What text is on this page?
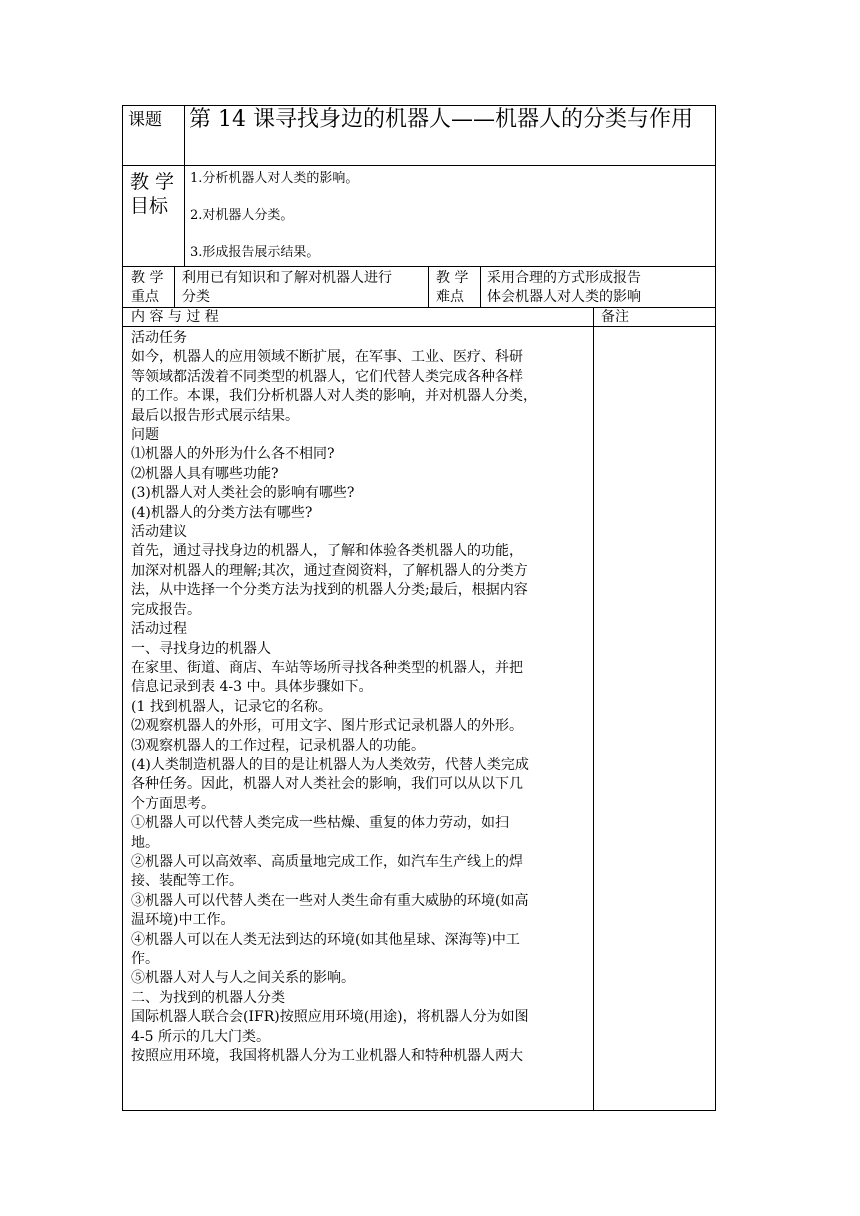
课题	第 14 课寻找身边的机器人——机器人的分类与作用
教 学
目标
1.分析机器人对人类的影响。
2.对机器人分类。
3.形成报告展示结果。
教 学
重点
利用已有知识和了解对机器人进行
分类
教 学
难点
采用合理的方式形成报告
体会机器人对人类的影响
内 容 与 过 程	备注

活动任务

如今，机器人的应用领域不断扩展，在军事、工业、医疗、科研

等领域都活泼着不同类型的机器人，它们代替人类完成各种各样

的工作。本课，我们分析机器人对人类的影响，并对机器人分类，

最后以报告形式展示结果。

问题

⑴机器人的外形为什么各不相同?

⑵机器人具有哪些功能?

(3)机器人对人类社会的影响有哪些?

(4)机器人的分类方法有哪些?

活动建议

首先，通过寻找身边的机器人，了解和体验各类机器人的功能，

加深对机器人的理解;其次，通过查阅资料，了解机器人的分类方

法，从中选择一个分类方法为找到的机器人分类;最后，根据内容

完成报告。

活动过程

一、寻找身边的机器人

在家里、街道、商店、车站等场所寻找各种类型的机器人，并把

信息记录到表 4-3 中。具体步骤如下。

(1 找到机器人，记录它的名称。

⑵观察机器人的外形，可用文字、图片形式记录机器人的外形。

⑶观察机器人的工作过程，记录机器人的功能。

(4)人类制造机器人的目的是让机器人为人类效劳，代替人类完成

各种任务。因此，机器人对人类社会的影响，我们可以从以下几

个方面思考。

①机器人可以代替人类完成一些枯燥、重复的体力劳动，如扫

地。

②机器人可以高效率、高质量地完成工作，如汽车生产线上的焊

接、装配等工作。

③机器人可以代替人类在一些对人类生命有重大威胁的环境(如高

温环境)中工作。

④机器人可以在人类无法到达的环境(如其他星球、深海等)中工

作。

⑤机器人对人与人之间关系的影响。

二、为找到的机器人分类

国际机器人联合会(IFR)按照应用环境(用途)，将机器人分为如图

4-5 所示的几大门类。

按照应用环境，我国将机器人分为工业机器人和特种机器人两大
